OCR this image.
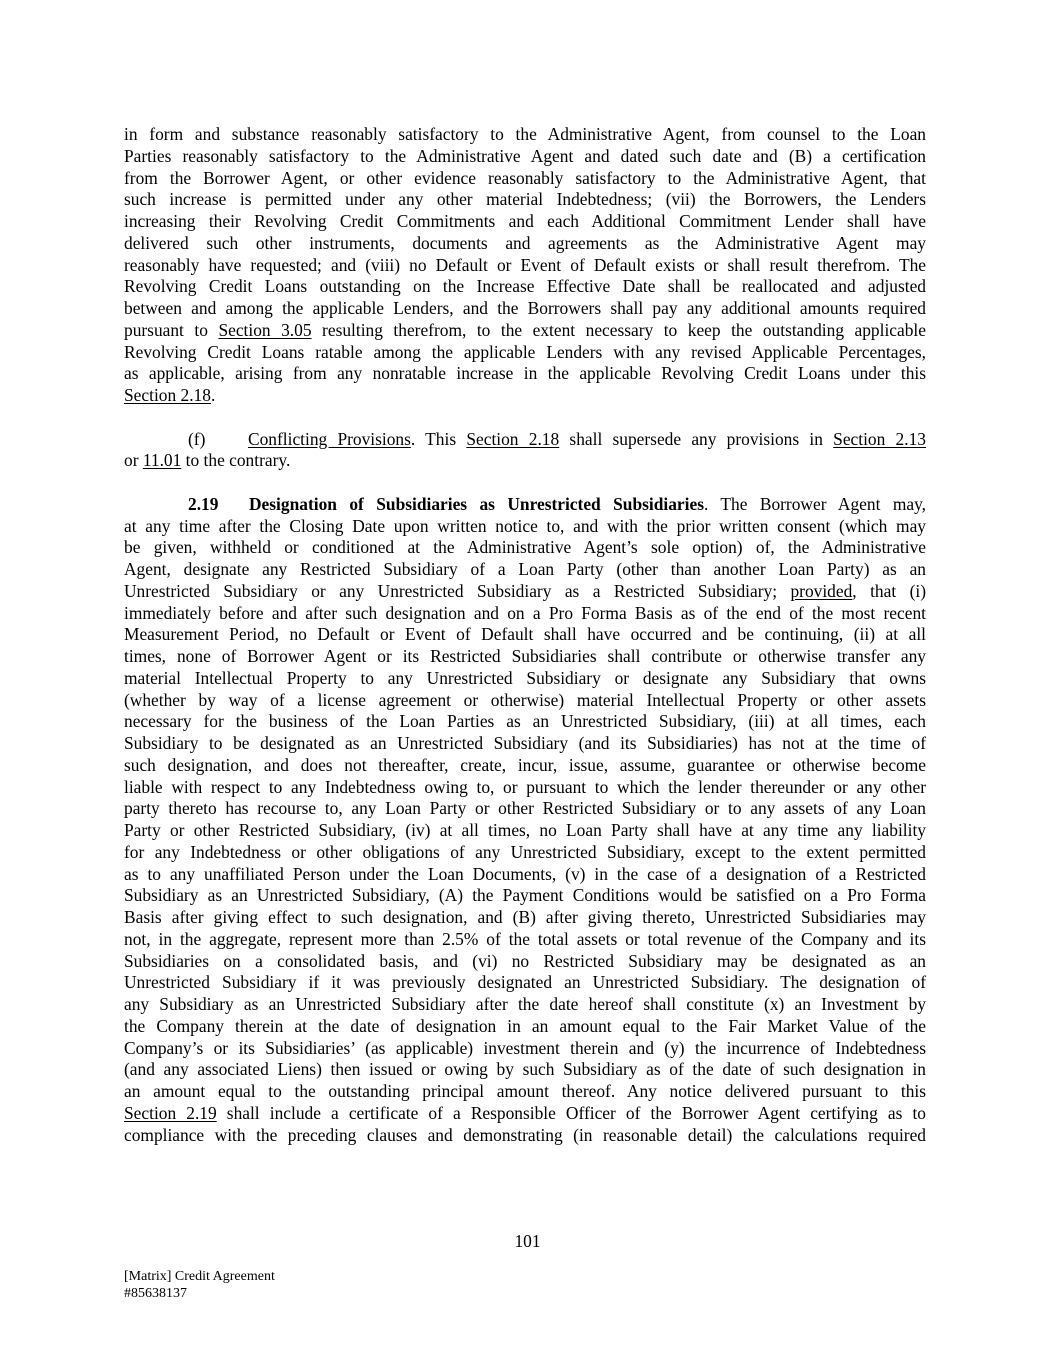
in form and substance reasonably satisfactory to the Administrative Agent, from counsel to the Loan
Parties reasonably satisfactory to the Administrative Agent and dated such date and (B) a certification
from the Borrower Agent, or other evidence reasonably satisfactory to the Administrative Agent, that
such increase is permitted under any other material Indebtedness; (vii) the Borrowers, the Lenders
increasing their Revolving Credit Commitments and each Additional Commitment Lender shall have
delivered such other instruments, documents and agreements as the Administrative Agent may
reasonably have requested; and (viii) no Default or Event of Default exists or shall result therefrom. The
Revolving Credit Loans outstanding on the Increase Effective Date shall be reallocated and adjusted
between and among the applicable Lenders, and the Borrowers shall pay any additional amounts required
pursuant to Section 3.05 resulting therefrom, to the extent necessary to keep the outstanding applicable
Revolving Credit Loans ratable among the applicable Lenders with any revised Applicable Percentages,
as applicable, arising from any nonratable increase in the applicable Revolving Credit Loans under this
Section 2.18.
(f) Conflicting Provisions. This Section 2.18 shall supersede any provisions in Section 2.13
or 11.01 to the contrary.
2.19 Designation of Subsidiaries as Unrestricted Subsidiaries. The Borrower Agent may,
at any time after the Closing Date upon written notice to, and with the prior written consent (which may
be given, withheld or conditioned at the Administrative Agent’s sole option) of, the Administrative
Agent, designate any Restricted Subsidiary of a Loan Party (other than another Loan Party) as an
Unrestricted Subsidiary or any Unrestricted Subsidiary as a Restricted Subsidiary; provided, that (i)
immediately before and after such designation and on a Pro Forma Basis as of the end of the most recent
Measurement Period, no Default or Event of Default shall have occurred and be continuing, (ii) at all
times, none of Borrower Agent or its Restricted Subsidiaries shall contribute or otherwise transfer any
material Intellectual Property to any Unrestricted Subsidiary or designate any Subsidiary that owns
(whether by way of a license agreement or otherwise) material Intellectual Property or other assets
necessary for the business of the Loan Parties as an Unrestricted Subsidiary, (iii) at all times, each
Subsidiary to be designated as an Unrestricted Subsidiary (and its Subsidiaries) has not at the time of
such designation, and does not thereafter, create, incur, issue, assume, guarantee or otherwise become
liable with respect to any Indebtedness owing to, or pursuant to which the lender thereunder or any other
party thereto has recourse to, any Loan Party or other Restricted Subsidiary or to any assets of any Loan
Party or other Restricted Subsidiary, (iv) at all times, no Loan Party shall have at any time any liability
for any Indebtedness or other obligations of any Unrestricted Subsidiary, except to the extent permitted
as to any unaffiliated Person under the Loan Documents, (v) in the case of a designation of a Restricted
Subsidiary as an Unrestricted Subsidiary, (A) the Payment Conditions would be satisfied on a Pro Forma
Basis after giving effect to such designation, and (B) after giving thereto, Unrestricted Subsidiaries may
not, in the aggregate, represent more than 2.5% of the total assets or total revenue of the Company and its
Subsidiaries on a consolidated basis, and (vi) no Restricted Subsidiary may be designated as an
Unrestricted Subsidiary if it was previously designated an Unrestricted Subsidiary. The designation of
any Subsidiary as an Unrestricted Subsidiary after the date hereof shall constitute (x) an Investment by
the Company therein at the date of designation in an amount equal to the Fair Market Value of the
Company’s or its Subsidiaries’ (as applicable) investment therein and (y) the incurrence of Indebtedness
(and any associated Liens) then issued or owing by such Subsidiary as of the date of such designation in
an amount equal to the outstanding principal amount thereof. Any notice delivered pursuant to this
Section 2.19 shall include a certificate of a Responsible Officer of the Borrower Agent certifying as to
compliance with the preceding clauses and demonstrating (in reasonable detail) the calculations required
101
[Matrix] Credit Agreement
#85638137
